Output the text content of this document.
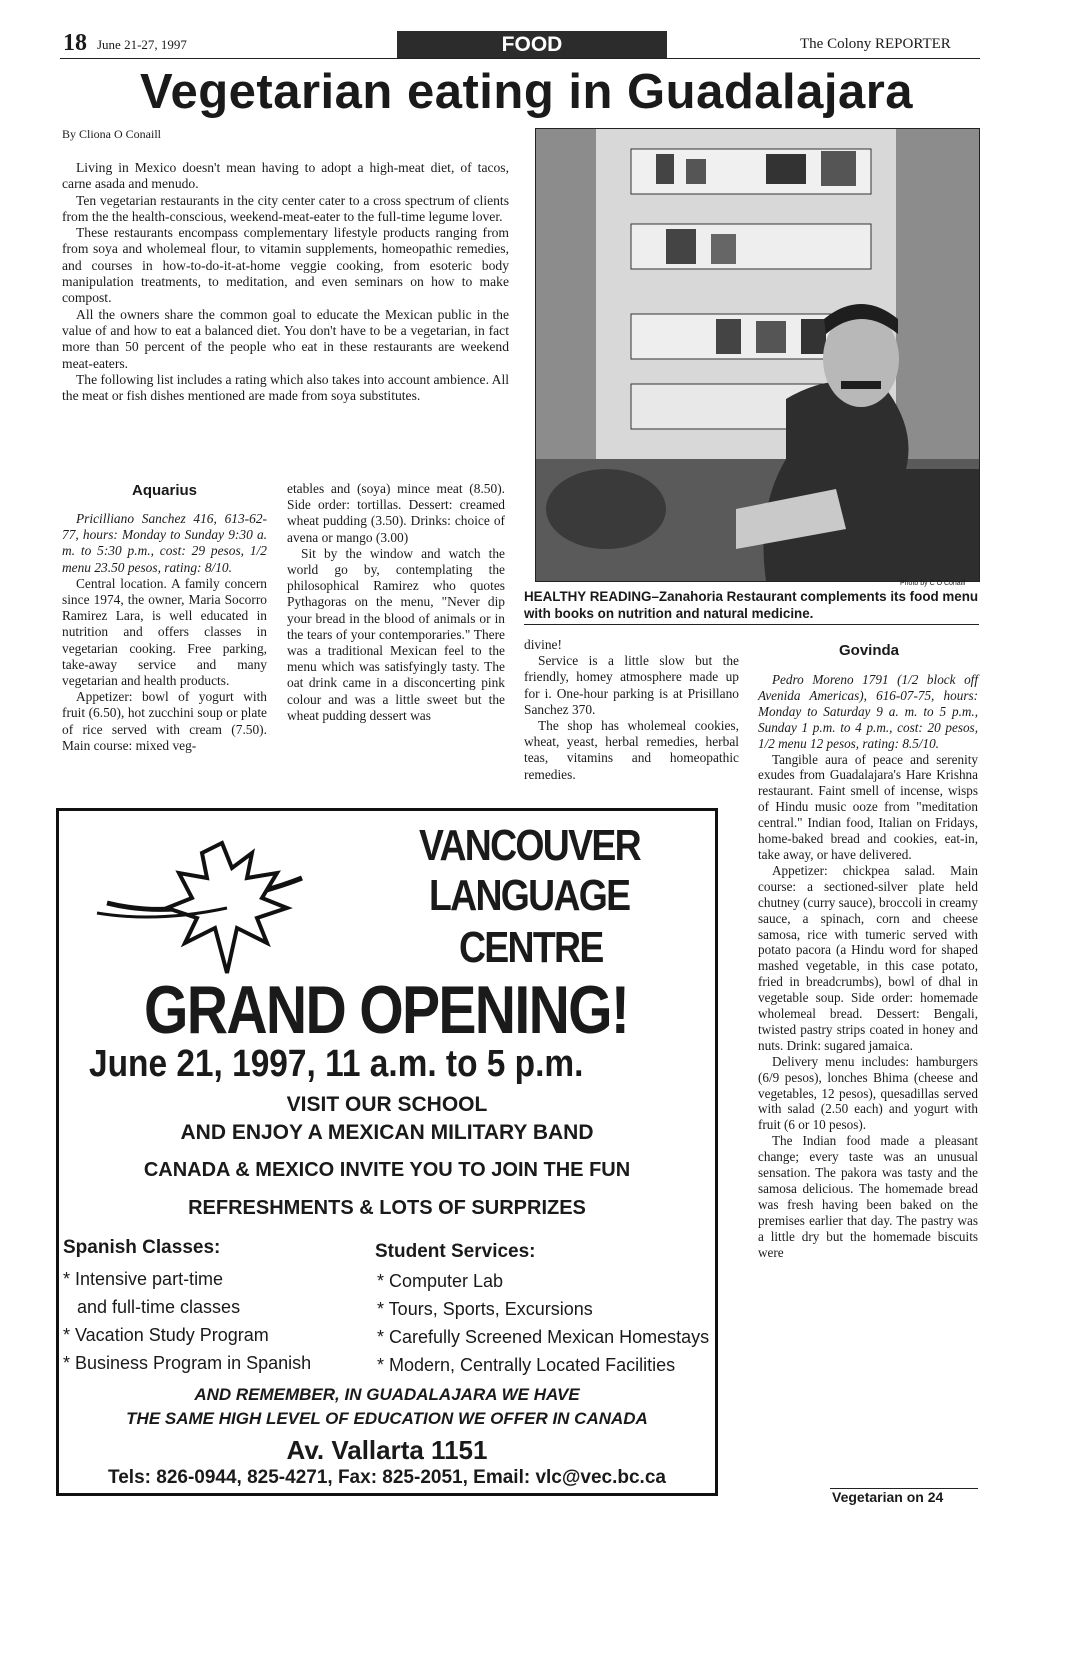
18 June 21-27, 1997	FOOD	The Colony REPORTER
Vegetarian eating in Guadalajara
By Cliona O Conaill

Living in Mexico doesn't mean having to adopt a high-meat diet, of tacos, carne asada and menudo.

Ten vegetarian restaurants in the city center cater to a cross spectrum of clients from the the health-conscious, weekend-meat-eater to the full-time legume lover.

These restaurants encompass complementary lifestyle products ranging from from soya and wholemeal flour, to vitamin supplements, homeopathic remedies, and courses in how-to-do-it-at-home veggie cooking, from esoteric body manipulation treatments, to meditation, and even seminars on how to make compost.

All the owners share the common goal to educate the Mexican public in the value of and how to eat a balanced diet. You don't have to be a vegetarian, in fact more than 50 percent of the people who eat in these restaurants are weekend meat-eaters.

The following list includes a rating which also takes into account ambience. All the meat or fish dishes mentioned are made from soya substitutes.

Photo by C O Conaill
HEALTHY READING–Zanahoria Restaurant complements its food menu with books on nutrition and natural medicine.
Aquarius

Pricilliano Sanchez 416, 613-62-77, hours: Monday to Sunday 9:30 a. m. to 5:30 p.m., cost: 29 pesos, 1/2 menu 23.50 pesos, rating: 8/10.

Central location. A family concern since 1974, the owner, Maria Socorro Ramirez Lara, is well educated in nutrition and offers classes in vegetarian cooking. Free parking, take-away service and many vegetarian and health products.

Appetizer: bowl of yogurt with fruit (6.50), hot zucchini soup or plate of rice served with cream (7.50). Main course: mixed veg-

etables and (soya) mince meat (8.50). Side order: tortillas. Dessert: creamed wheat pudding (3.50). Drinks: choice of avena or mango (3.00)

Sit by the window and watch the world go by, contemplating the philosophical Ramirez who quotes Pythagoras on the menu, "Never dip your bread in the blood of animals or in the tears of your contemporaries." There was a traditional Mexican feel to the menu which was satisfyingly tasty. The oat drink came in a disconcerting pink colour and was a little sweet but the wheat pudding dessert was

divine!

Service is a little slow but the friendly, homey atmosphere made up for i. One-hour parking is at Prisillano Sanchez 370.

The shop has wholemeal cookies, wheat, yeast, herbal remedies, herbal teas, vitamins and homeopathic remedies.

Govinda

Pedro Moreno 1791 (1/2 block off Avenida Americas), 616-07-75, hours: Monday to Saturday 9 a. m. to 5 p.m., Sunday 1 p.m. to 4 p.m., cost: 20 pesos, 1/2 menu 12 pesos, rating: 8.5/10.

Tangible aura of peace and serenity exudes from Guadalajara's Hare Krishna restaurant. Faint smell of incense, wisps of Hindu music ooze from "meditation central." Indian food, Italian on Fridays, home-baked bread and cookies, eat-in, take away, or have delivered.

Appetizer: chickpea salad. Main course: a sectioned-silver plate held chutney (curry sauce), broccoli in creamy sauce, a spinach, corn and cheese samosa, rice with tumeric served with potato pacora (a Hindu word for shaped mashed vegetable, in this case potato, fried in breadcrumbs), bowl of dhal in vegetable soup. Side order: homemade wholemeal bread. Dessert: Bengali, twisted pastry strips coated in honey and nuts. Drink: sugared jamaica.

Delivery menu includes: hamburgers (6/9 pesos), lonches Bhima (cheese and vegetables, 12 pesos), quesadillas served with salad (2.50 each) and yogurt with fruit (6 or 10 pesos).

The Indian food made a pleasant change; every taste was an unusual sensation. The pakora was tasty and the samosa delicious. The homemade bread was fresh having been baked on the premises earlier that day. The pastry was a little dry but the homemade biscuits were

Vegetarian on 24
VANCOUVER
LANGUAGE
CENTRE
GRAND OPENING!
June 21, 1997, 11 a.m. to 5 p.m.
VISIT OUR SCHOOL
AND ENJOY A MEXICAN MILITARY BAND
CANADA & MEXICO INVITE YOU TO JOIN THE FUN
REFRESHMENTS & LOTS OF SURPRIZES
Spanish Classes:
* Intensive part-time
and full-time classes
* Vacation Study Program
* Business Program in Spanish
Student Services:
* Computer Lab
* Tours, Sports, Excursions
* Carefully Screened Mexican Homestays
* Modern, Centrally Located Facilities
AND REMEMBER, IN GUADALAJARA WE HAVE
THE SAME HIGH LEVEL OF EDUCATION WE OFFER IN CANADA
Av. Vallarta 1151
Tels: 826-0944, 825-4271, Fax: 825-2051, Email: vlc@vec.bc.ca
